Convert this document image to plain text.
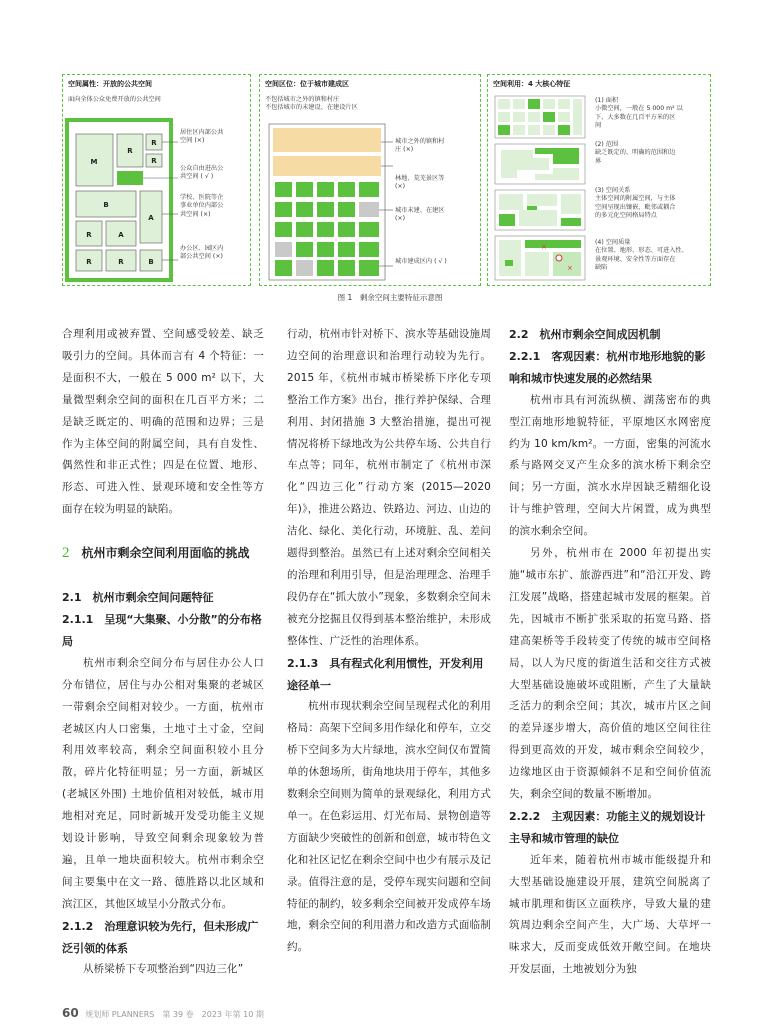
空间属性：开放的公共空间
面向全体公众免费开放的公共空间
M
R
R
R
B
A
R	A
R	R	B
居住区内部公共
空间 (×)
公众自由进出公
共空间 ( √ )
学校、医院等企
事业单位内部公
共空间 (×)
办公区、园区内
部公共空间 (×)
空间区位：位于城市建成区
不包括城市之外的镇和村庄
不包括城市的未建设、在建设片区
城市之外的镇和村
庄 (×)
林地、荒芜景区等
(×)
城市未建、在建区
(×)
城市建成区内 ( √ )
空间利用：4 大核心特征
×
×
(1) 面积
小微空间，一般在 5 000 m² 以
下，大多数在几百平方米的区
间
(2) 范围
缺乏既定的、明确的范围和边
界
(3) 空间关系
主体空间的附属空间，与主体
空间呈现出镶嵌、毗邻或耦合
的多元化空间格局特点
(4) 空间质量
在位置、地形、形态、可进入性、
景观环境、安全性等方面存在
缺陷
图 1　剩余空间主要特征示意图

合理利用或被弃置、空间感受较差、缺乏吸引力的空间。具体而言有 4 个特征：一是面积不大，一般在 5 000 m² 以下，大量微型剩余空间的面积在几百平方米；二是缺乏既定的、明确的范围和边界；三是作为主体空间的附属空间，具有自发性、偶然性和非正式性；四是在位置、地形、形态、可进入性、景观环境和安全性等方面存在较为明显的缺陷。

2 杭州市剩余空间利用面临的挑战

2.1　杭州市剩余空间问题特征

2.1.1　呈现“大集聚、小分散”的分布格局

杭州市剩余空间分布与居住办公人口分布错位，居住与办公相对集聚的老城区一带剩余空间相对较少。一方面，杭州市老城区内人口密集，土地寸土寸金，空间利用效率较高，剩余空间面积较小且分散，碎片化特征明显；另一方面，新城区 (老城区外围) 土地价值相对较低，城市用地相对充足，同时新城开发受功能主义规划设计影响，导致空间剩余现象较为普遍，且单一地块面积较大。杭州市剩余空间主要集中在文一路、德胜路以北区域和滨江区，其他区域呈小分散式分布。

2.1.2　治理意识较为先行，但未形成广泛引领的体系

从桥梁桥下专项整治到“四边三化”

行动，杭州市针对桥下、滨水等基础设施周边空间的治理意识和治理行动较为先行。2015 年，《杭州市城市桥梁桥下序化专项整治工作方案》出台，推行养护保绿、合理利用、封闭措施 3 大整治措施，提出可视情况将桥下绿地改为公共停车场、公共自行车点等；同年，杭州市制定了《杭州市深化“四边三化”行动方案 (2015—2020 年)》，推进公路边、铁路边、河边、山边的洁化、绿化、美化行动，环境脏、乱、差问题得到整治。虽然已有上述对剩余空间相关的治理和利用引导，但是治理理念、治理手段仍存在“抓大放小”现象，多数剩余空间未被充分挖掘且仅得到基本整治维护，未形成整体性、广泛性的治理体系。

2.1.3　具有程式化利用惯性，开发利用途径单一

杭州市现状剩余空间呈现程式化的利用格局：高架下空间多用作绿化和停车，立交桥下空间多为大片绿地，滨水空间仅布置简单的休憩场所，街角地块用于停车，其他多数剩余空间则为简单的景观绿化，利用方式单一。在色彩运用、灯光布局、景物创造等方面缺少突破性的创新和创意，城市特色文化和社区记忆在剩余空间中也少有展示及记录。值得注意的是，受停车现实问题和空间特征的制约，较多剩余空间被开发成停车场地，剩余空间的利用潜力和改造方式面临制约。

2.2　杭州市剩余空间成因机制

2.2.1　客观因素：杭州市地形地貌的影响和城市快速发展的必然结果

杭州市具有河流纵横、湖荡密布的典型江南地形地貌特征，平原地区水网密度约为 10 km/km²。一方面，密集的河流水系与路网交叉产生众多的滨水桥下剩余空间；另一方面，滨水水岸因缺乏精细化设计与维护管理，空间大片闲置，成为典型的滨水剩余空间。

另外，杭州市在 2000 年初提出实施“城市东扩、旅游西进”和“沿江开发、跨江发展”战略，搭建起城市发展的框架。首先，因城市不断扩张采取的拓宽马路、搭建高架桥等手段转变了传统的城市空间格局，以人为尺度的街道生活和交往方式被大型基础设施破坏或阻断，产生了大量缺乏活力的剩余空间；其次，城市片区之间的差异逐步增大，高价值的地区空间往往得到更高效的开发，城市剩余空间较少，边缘地区由于资源倾斜不足和空间价值流失，剩余空间的数量不断增加。

2.2.2　主观因素：功能主义的规划设计主导和城市管理的缺位

近年来，随着杭州市城市能级提升和大型基础设施建设开展，建筑空间脱离了城市肌理和街区立面秩序，导致大量的建筑周边剩余空间产生，大广场、大草坪一味求大，反而变成低效开敞空间。在地块开发层面，土地被划分为独

60 规划师 PLANNERS　第 39 卷　2023 年第 10 期
